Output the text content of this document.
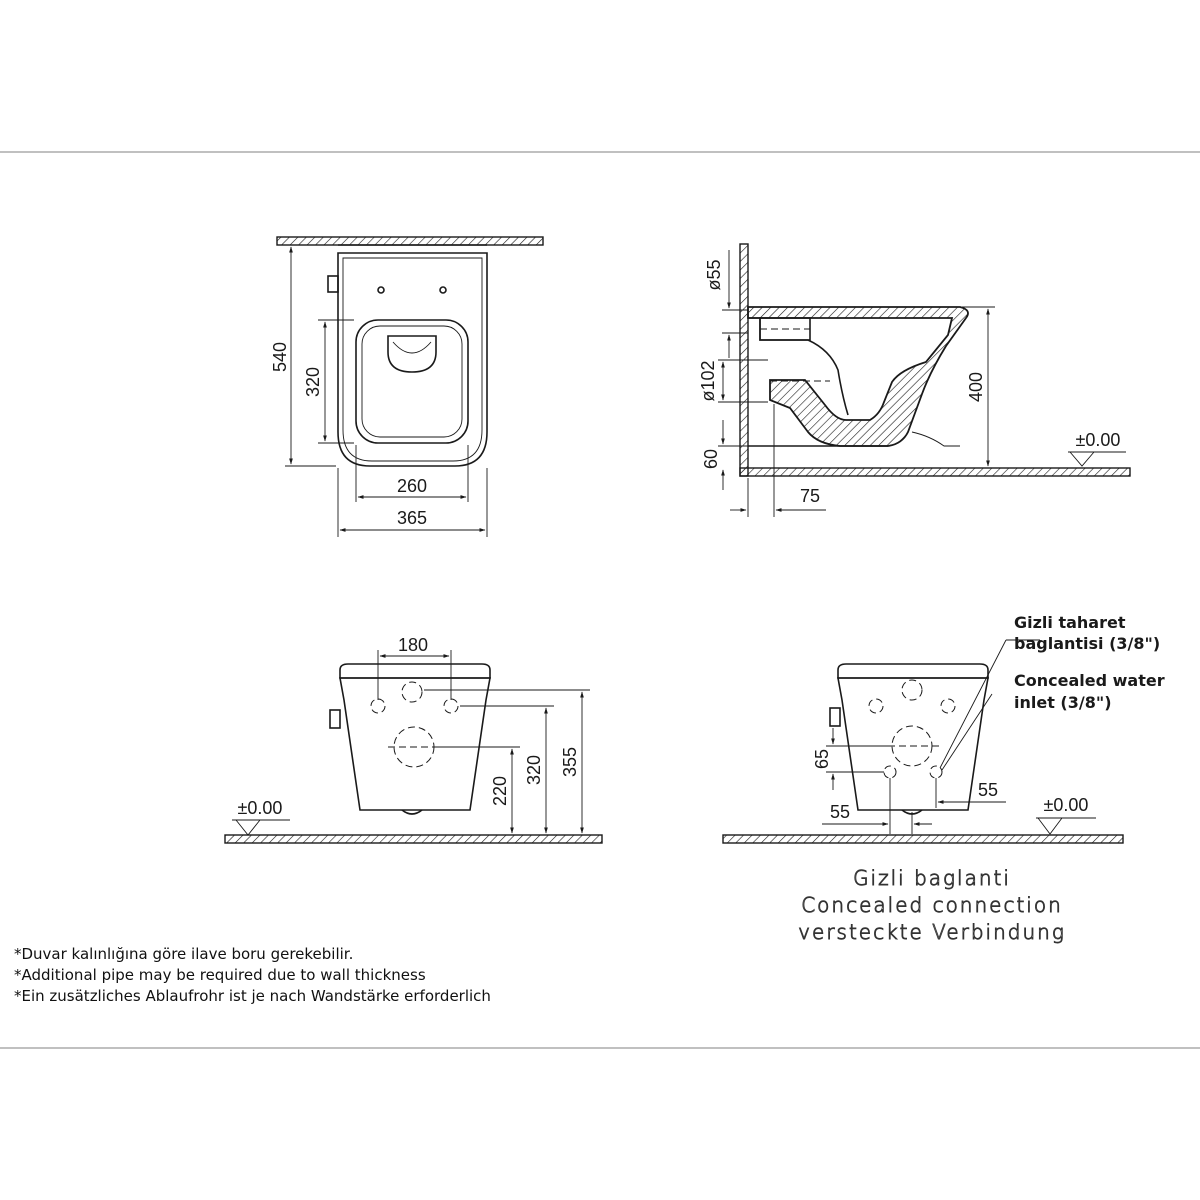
540
320
260
365
ø55
ø102
60
400
75
±0.00
180
220
320 355
±0.00
65
55
55
±0.00
Gizli taharet
baglantisi (3/8")
Concealed water
inlet (3/8")
Gizli baglanti
Concealed connection
versteckte Verbindung
*Duvar kalınlığına göre ilave boru gerekebilir.
*Additional pipe may be required due to wall thickness
*Ein zusätzliches Ablaufrohr ist je nach Wandstärke erforderlich
